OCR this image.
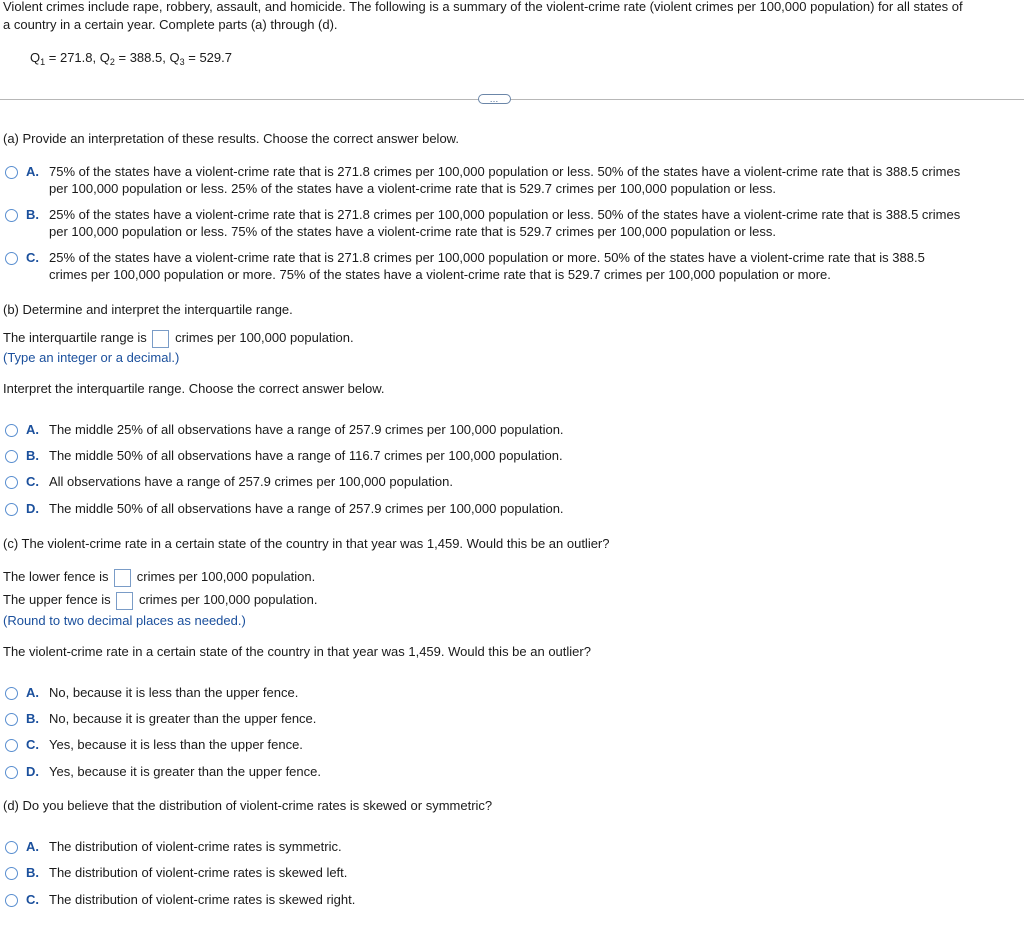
Violent crimes include rape, robbery, assault, and homicide. The following is a summary of the violent-crime rate (violent crimes per 100,000 population) for all states of
a country in a certain year. Complete parts (a) through (d).
$Q_1 = 271.8$, $Q_2 = 388.5$, $Q_3 = 529.7$
…
(a) Provide an interpretation of these results. Choose the correct answer below.
A. 75% of the states have a violent-crime rate that is 271.8 crimes per 100,000 population or less. 50% of the states have a violent-crime rate that is 388.5 crimes
per 100,000 population or less. 25% of the states have a violent-crime rate that is 529.7 crimes per 100,000 population or less.
B. 25% of the states have a violent-crime rate that is 271.8 crimes per 100,000 population or less. 50% of the states have a violent-crime rate that is 388.5 crimes
per 100,000 population or less. 75% of the states have a violent-crime rate that is 529.7 crimes per 100,000 population or less.
C. 25% of the states have a violent-crime rate that is 271.8 crimes per 100,000 population or more. 50% of the states have a violent-crime rate that is 388.5
crimes per 100,000 population or more. 75% of the states have a violent-crime rate that is 529.7 crimes per 100,000 population or more.
(b) Determine and interpret the interquartile range.
The interquartile range is crimes per 100,000 population.
(Type an integer or a decimal.)
Interpret the interquartile range. Choose the correct answer below.
A. The middle 25% of all observations have a range of 257.9 crimes per 100,000 population.
B. The middle 50% of all observations have a range of 116.7 crimes per 100,000 population.
C. All observations have a range of 257.9 crimes per 100,000 population.
D. The middle 50% of all observations have a range of 257.9 crimes per 100,000 population.
(c) The violent-crime rate in a certain state of the country in that year was 1,459. Would this be an outlier?
The lower fence is crimes per 100,000 population.
The upper fence is crimes per 100,000 population.
(Round to two decimal places as needed.)
The violent-crime rate in a certain state of the country in that year was 1,459. Would this be an outlier?
A. No, because it is less than the upper fence.
B. No, because it is greater than the upper fence.
C. Yes, because it is less than the upper fence.
D. Yes, because it is greater than the upper fence.
(d) Do you believe that the distribution of violent-crime rates is skewed or symmetric?
A. The distribution of violent-crime rates is symmetric.
B. The distribution of violent-crime rates is skewed left.
C. The distribution of violent-crime rates is skewed right.
